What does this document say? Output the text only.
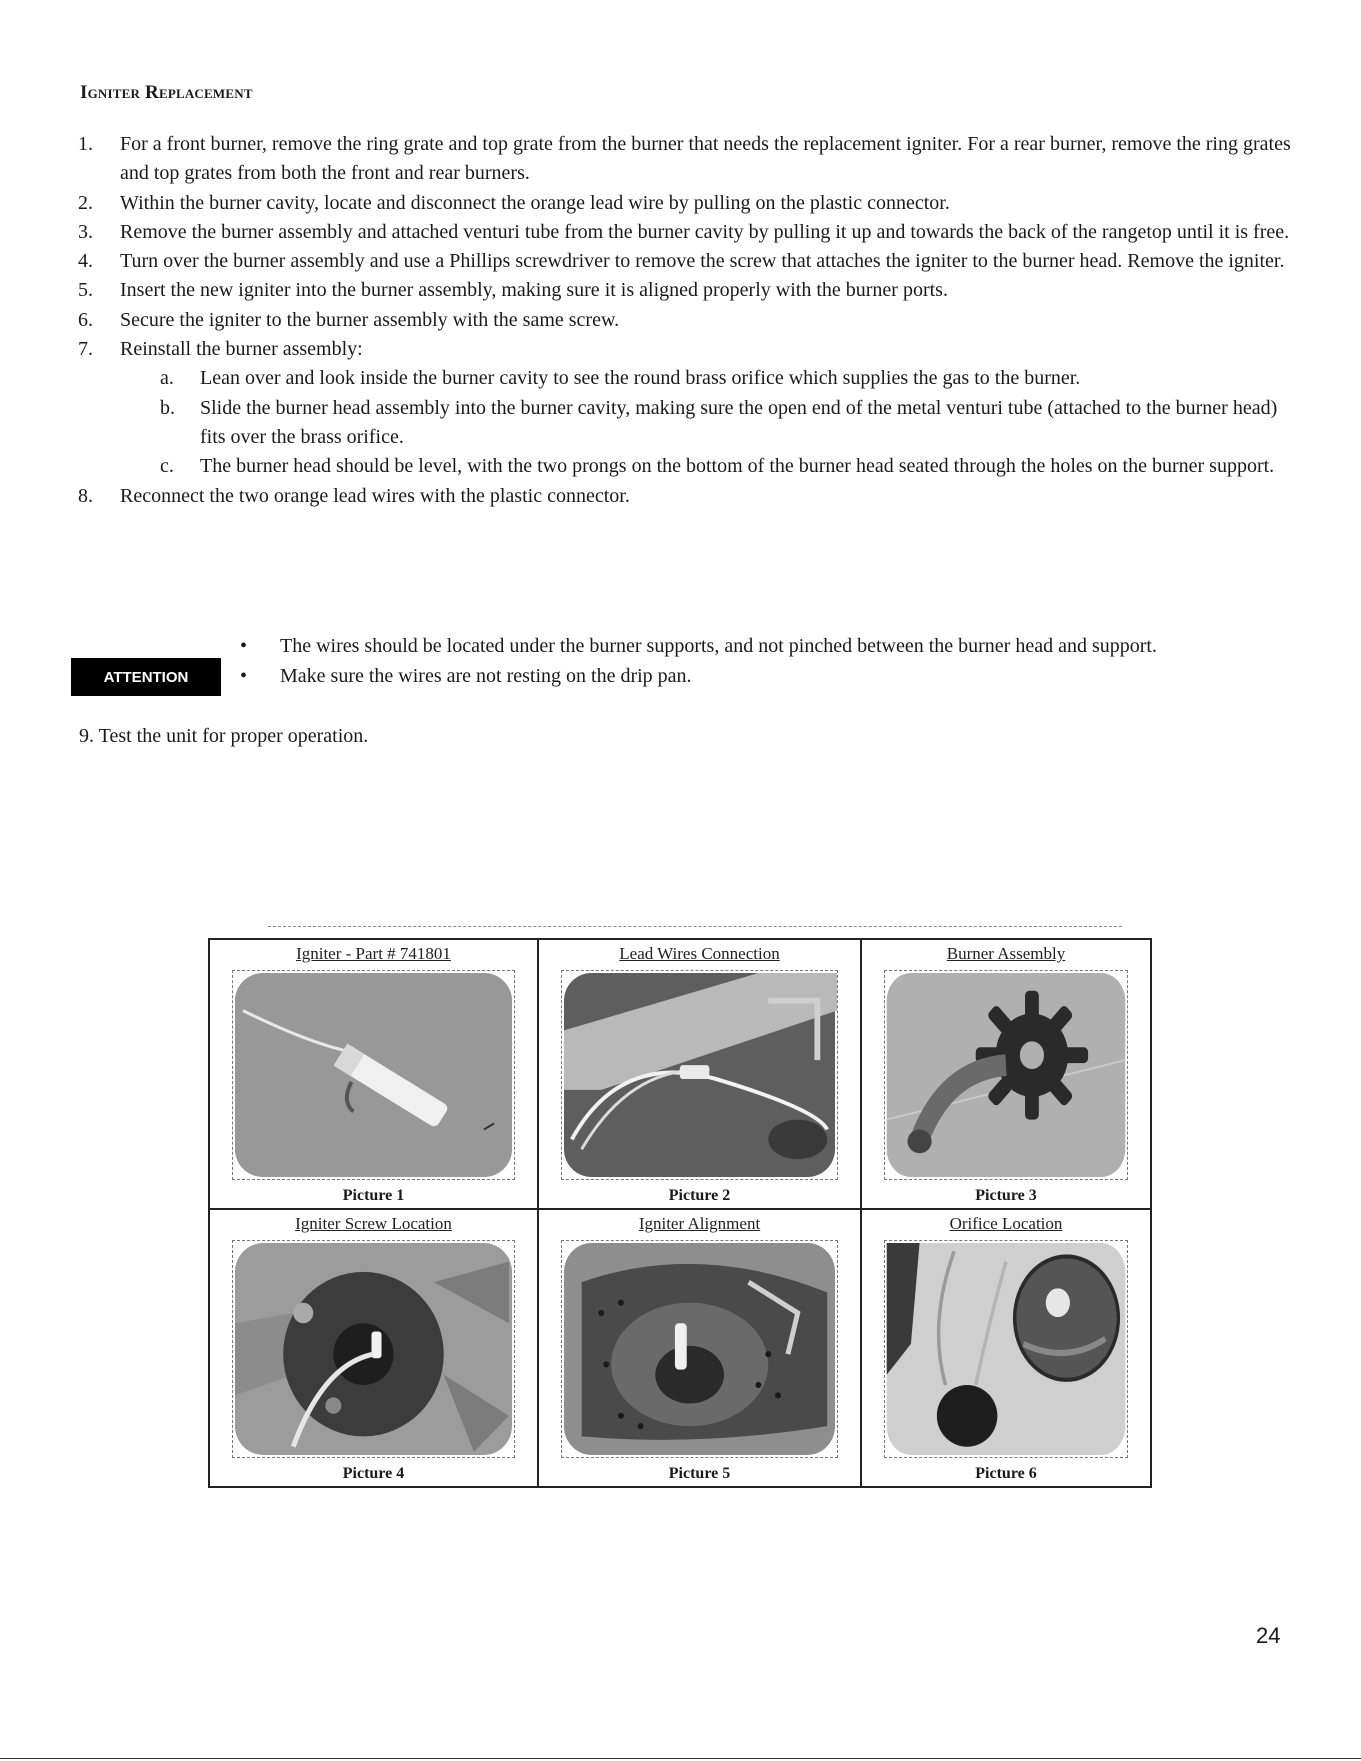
Igniter Replacement
1.	For a front burner, remove the ring grate and top grate from the burner that needs the replacement igniter. For a rear burner, remove the ring grates and top grates from both the front and rear burners.
2.	Within the burner cavity, locate and disconnect the orange lead wire by pulling on the plastic connector.
3.	Remove the burner assembly and attached venturi tube from the burner cavity by pulling it up and towards the back of the rangetop until it is free.
4.	Turn over the burner assembly and use a Phillips screwdriver to remove the screw that attaches the igniter to the burner head. Remove the igniter.
5.	Insert the new igniter into the burner assembly, making sure it is aligned properly with the burner ports.
6.	Secure the igniter to the burner assembly with the same screw.
7.	Reinstall the burner assembly:
a.	Lean over and look inside the burner cavity to see the round brass orifice which supplies the gas to the burner.
b.	Slide the burner head assembly into the burner cavity, making sure the open end of the metal venturi tube (attached to the burner head) fits over the brass orifice.
c.	The burner head should be level, with the two prongs on the bottom of the burner head seated through the holes on the burner support.
8.	Reconnect the two orange lead wires with the plastic connector.
ATTENTION
•	The wires should be located under the burner supports, and not pinched between the burner head and support.
•	Make sure the wires are not resting on the drip pan.
9. Test the unit for proper operation.
Igniter - Part # 741801
Picture 1
Lead Wires Connection
Picture 2
Burner Assembly
Picture 3
Igniter Screw Location
Picture 4
Igniter Alignment
Picture 5
Orifice Location
Picture 6
24
